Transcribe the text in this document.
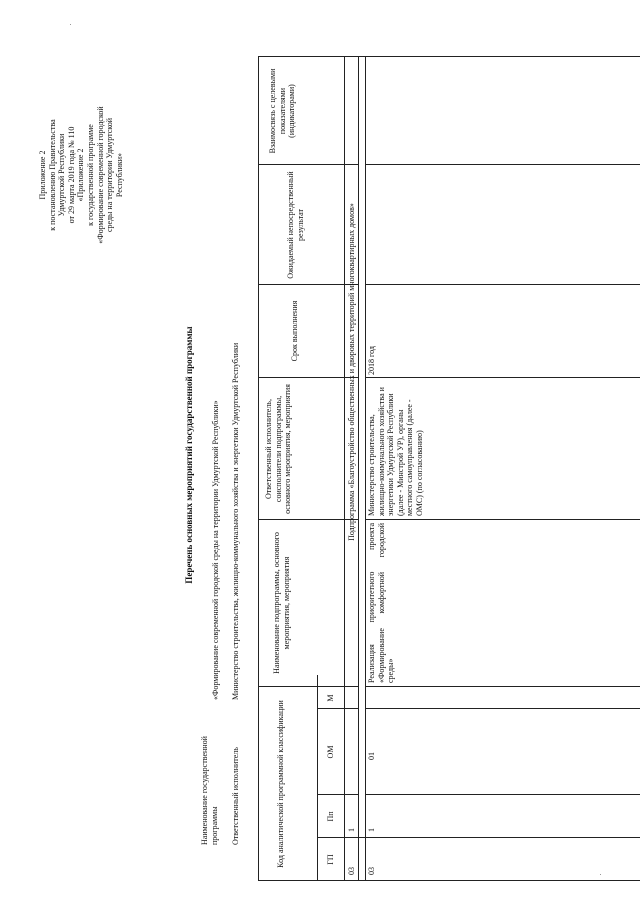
Приложение 2 к постановлению Правительства Удмуртской Республики от 29 марта 2019 года № 110 «Приложение 2 к государственной программе «Формирование современной городской среды на территории Удмуртской Республики»
Перечень основных мероприятий государственной программы
Наименование государственной программы
«Формирование современной городской среды на территории Удмуртской Республики»
Ответственный исполнитель
Министерство строительства, жилищно-коммунального хозяйства и энергетики Удмуртской Республики
Код аналитической программной классификации	ГП
Пп
ОМ
М
Наименование подпрограммы, основного мероприятия, мероприятия
Ответственный исполнитель, соисполнители подпрограммы, основного мероприятия, мероприятия
Срок выполнения
Ожидаемый непосредственный результат
Взаимосвязь с целевыми показателями (индикаторами)
03
1
Подпрограмма «Благоустройство общественных и дворовых территорий многоквартирных домов»
03
1
01
Реализация приоритетного проекта «Формирование комфортной городской среды»
Министерство строительства, жилищно-коммунального хозяйства и энергетики Удмуртской Республики (далее - Минстрой УР), органы местного самоуправления (далее - ОМС) (по согласованию)
2018 год
